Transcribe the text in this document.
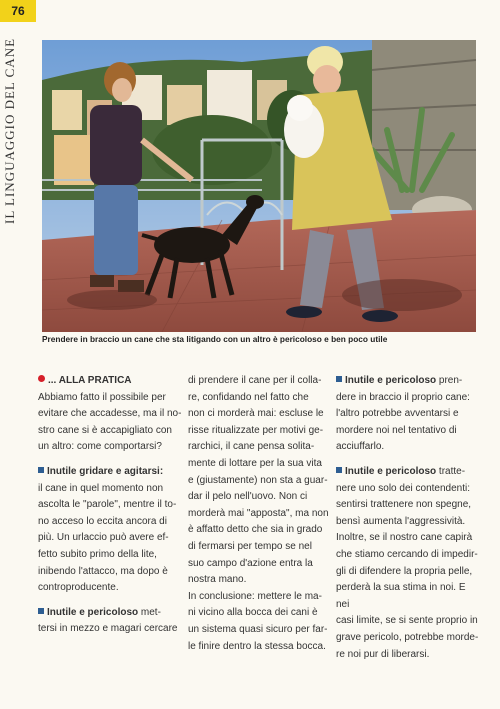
76
IL LINGUAGGIO DEL CANE
Prendere in braccio un cane che sta litigando con un altro è pericoloso e ben poco utile

... ALLA PRATICA

Abbiamo fatto il possibile per

evitare che accadesse, ma il no-

stro cane si è accapigliato con

un altro: come comportarsi?

Inutile gridare e agitarsi:

il cane in quel momento non

ascolta le "parole", mentre il to-

no acceso lo eccita ancora di

più. Un urlaccio può avere ef-

fetto subito primo della lite,

inibendo l'attacco, ma dopo è

controproducente.

Inutile e pericoloso met-

tersi in mezzo e magari cercare

di prendere il cane per il colla-

re, confidando nel fatto che

non ci morderà mai: escluse le

risse ritualizzate per motivi ge-

rarchici, il cane pensa solita-

mente di lottare per la sua vita

e (giustamente) non sta a guar-

dar il pelo nell'uovo. Non ci

morderà mai "apposta", ma non

è affatto detto che sia in grado

di fermarsi per tempo se nel

suo campo d'azione entra la

nostra mano.

In conclusione: mettere le ma-

ni vicino alla bocca dei cani è

un sistema quasi sicuro per far-

le finire dentro la stessa bocca.

Inutile e pericoloso pren-

dere in braccio il proprio cane:

l'altro potrebbe avventarsi e

mordere noi nel tentativo di

acciuffarlo.

Inutile e pericoloso tratte-

nere uno solo dei contendenti:

sentirsi trattenere non spegne,

bensì aumenta l'aggressività.

Inoltre, se il nostro cane capirà

che stiamo cercando di impedir-

gli di difendere la propria pelle,

perderà la sua stima in noi. E nei

casi limite, se si sente proprio in

grave pericolo, potrebbe morde-

re noi pur di liberarsi.
